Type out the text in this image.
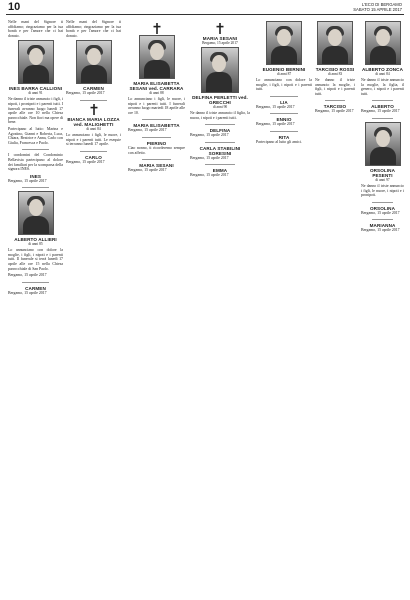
10	L'ECO DI BERGAMO
SABATO 15 APRILE 2017

Nelle mani del Signore ti affidiamo; ringraziamo per la tua bontà e per l'amore che ci hai donato.

INES BARRA CALLIONI
di anni 91

Ne danno il triste annuncio i figli, i nipoti, i pronipoti e i parenti tutti. I funerali avranno luogo lunedì 17 aprile alle ore 10 nella Chiesa parrocchiale. Non fiori ma opere di bene.

Partecipano al lutto: Marina e Agostino, Gianni e Roberta, Luca, Chiara, Beatrice e Anna, Carlo con Giulia, Francesca e Paolo.

I condomini del Condominio Bellavista partecipano al dolore dei familiari per la scomparsa della signora INES.

INES

Bergamo, 15 aprile 2017

ALBERTO ALLIERI
di anni 85

Lo annunciano con dolore la moglie, i figli, i nipoti e i parenti tutti. Il funerale si terrà lunedì 17 aprile alle ore 15 nella Chiesa parrocchiale di San Paolo.

Bergamo, 15 aprile 2017

CARMEN

Bergamo, 15 aprile 2017

Nelle mani del Signore ti affidiamo; ringraziamo per la tua bontà e per l'amore che ci hai donato.

CARMEN

Bergamo, 15 aprile 2017

BIANCA MARIA LOZZA ved. MALIGHETTI
di anni 84

Lo annunciano i figli, le nuore, i nipoti e i parenti tutti. Le esequie si terranno lunedì 17 aprile.

CARLO

Bergamo, 15 aprile 2017

MARIA ELISABETTA SESANI ved. CARRARA
di anni 88

Lo annunciano i figli, le nuore, i nipoti e i parenti tutti. I funerali avranno luogo martedì 18 aprile alle ore 10.

MARIA ELISABETTA

Bergamo, 15 aprile 2017

PIERINO

Ciao nonno, ti ricorderemo sempre con affetto.

MARIA SESANI

Bergamo, 15 aprile 2017

MARIA SESANI
Bergamo, 15 aprile 2017
DELFINA PERLETTI ved. GRECCHI
di anni 90

Ne danno il triste annuncio il figlio, la nuora, i nipoti e i parenti tutti.

DELFINA

Bergamo, 15 aprile 2017

CARLA STABILINI SORESINI

Bergamo, 15 aprile 2017

EMMA

Bergamo, 15 aprile 2017

EUGENIO BERNINI
di anni 87

Lo annunciano con dolore la moglie, i figli, i nipoti e i parenti tutti.

LIA

Bergamo, 15 aprile 2017

ENNIO

Bergamo, 15 aprile 2017

RITA

Partecipano al lutto gli amici.

TARCISIO ROSSI
di anni 83

Ne danno il triste annuncio la moglie, i figli, i nipoti e i parenti tutti.

TARCISIO

Bergamo, 15 aprile 2017

ALBERTO ZONCA
di anni 84

Ne danno il triste annuncio la moglie, la figlia, il genero, i nipoti e i parenti tutti.

ALBERTO

Bergamo, 15 aprile 2017

ORSOLINA PESENTI
di anni 97

Ne danno il triste annuncio i figli, le nuore, i nipoti e i pronipoti.

ORSOLINA

Bergamo, 15 aprile 2017

MARIANNA

Bergamo, 15 aprile 2017
